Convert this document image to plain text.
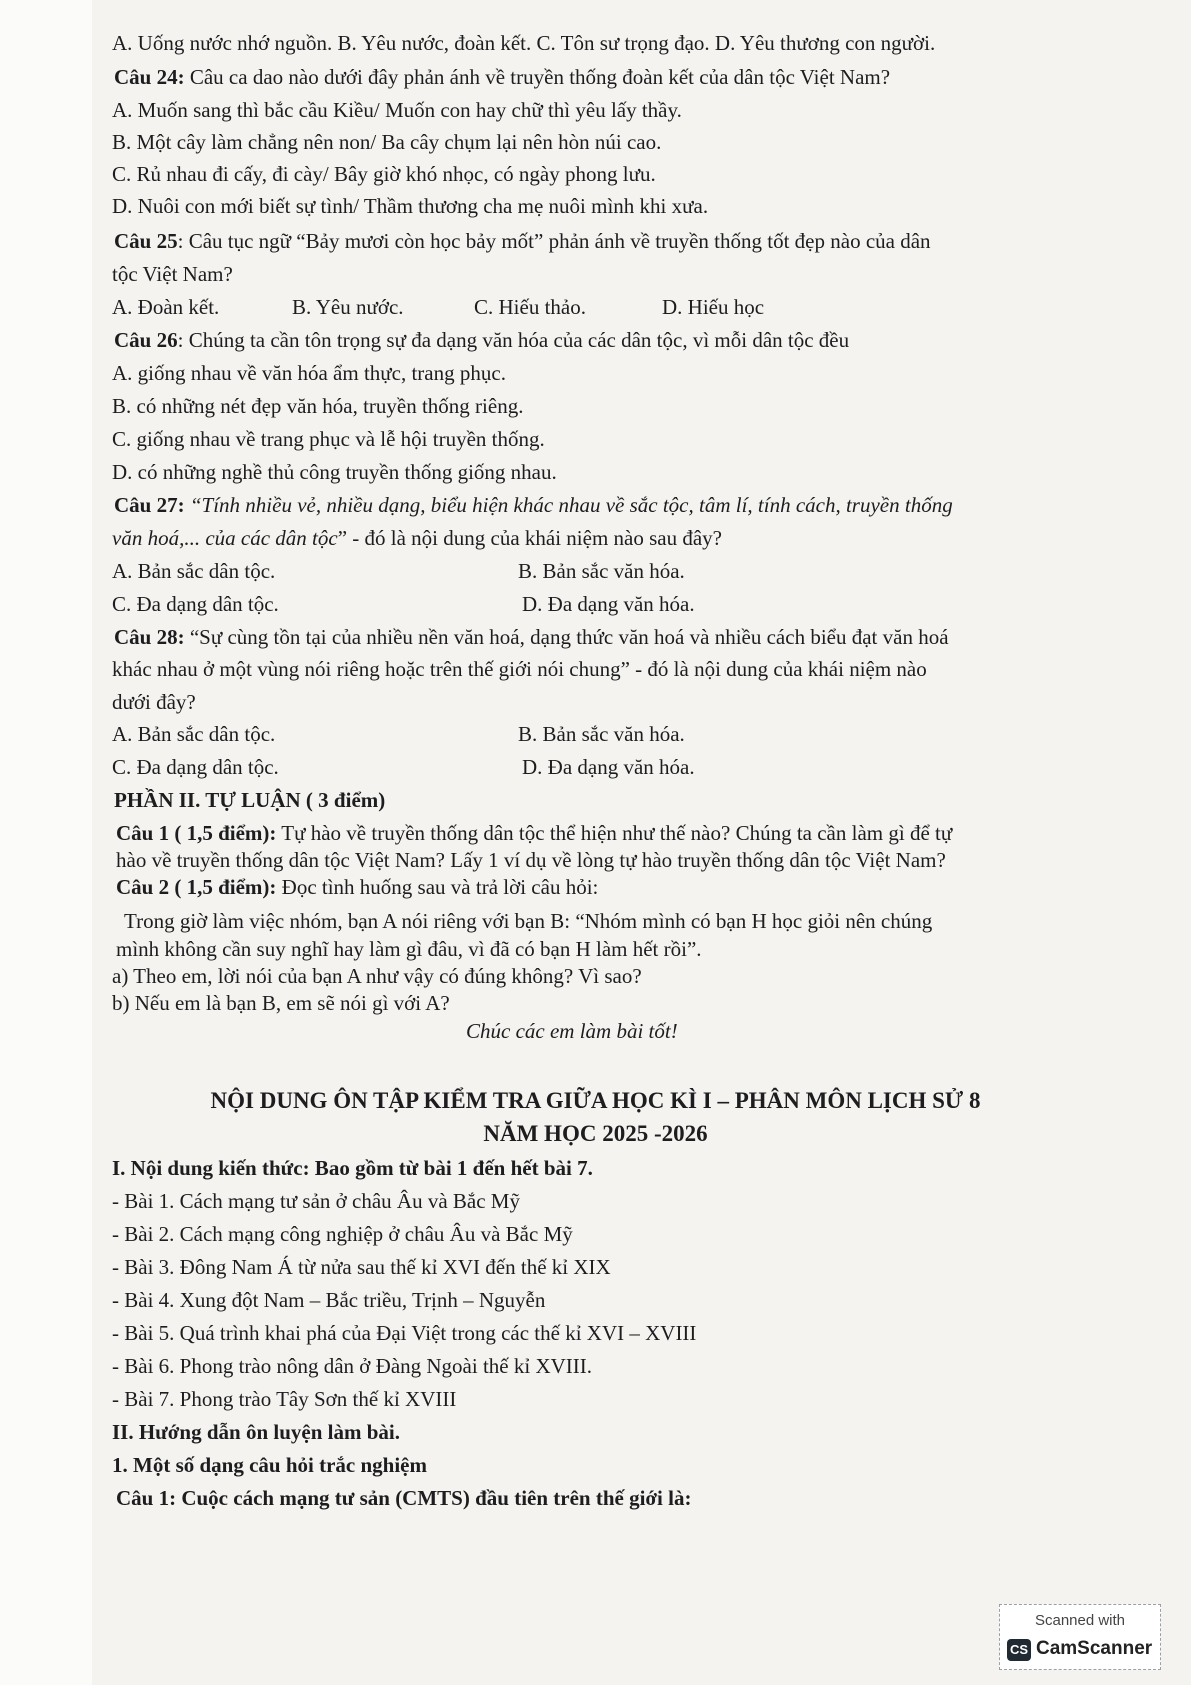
A. Uống nước nhớ nguồn. B. Yêu nước, đoàn kết. C. Tôn sư trọng đạo. D. Yêu thương con người.
Câu 24: Câu ca dao nào dưới đây phản ánh về truyền thống đoàn kết của dân tộc Việt Nam?
A. Muốn sang thì bắc cầu Kiều/ Muốn con hay chữ thì yêu lấy thầy.
B. Một cây làm chẳng nên non/ Ba cây chụm lại nên hòn núi cao.
C. Rủ nhau đi cấy, đi cày/ Bây giờ khó nhọc, có ngày phong lưu.
D. Nuôi con mới biết sự tình/ Thầm thương cha mẹ nuôi mình khi xưa.
Câu 25: Câu tục ngữ “Bảy mươi còn học bảy mốt” phản ánh về truyền thống tốt đẹp nào của dân
tộc Việt Nam?
A. Đoàn kết.	B. Yêu nước.	C. Hiếu thảo.	D. Hiếu học
Câu 26: Chúng ta cần tôn trọng sự đa dạng văn hóa của các dân tộc, vì mỗi dân tộc đều
A. giống nhau về văn hóa ẩm thực, trang phục.
B. có những nét đẹp văn hóa, truyền thống riêng.
C. giống nhau về trang phục và lễ hội truyền thống.
D. có những nghề thủ công truyền thống giống nhau.
Câu 27: “Tính nhiều vẻ, nhiều dạng, biểu hiện khác nhau về sắc tộc, tâm lí, tính cách, truyền thống
văn hoá,... của các dân tộc” - đó là nội dung của khái niệm nào sau đây?
A. Bản sắc dân tộc.	B. Bản sắc văn hóa.
C. Đa dạng dân tộc.	D. Đa dạng văn hóa.
Câu 28: “Sự cùng tồn tại của nhiều nền văn hoá, dạng thức văn hoá và nhiều cách biểu đạt văn hoá
khác nhau ở một vùng nói riêng hoặc trên thế giới nói chung” - đó là nội dung của khái niệm nào
dưới đây?
A. Bản sắc dân tộc.	B. Bản sắc văn hóa.
C. Đa dạng dân tộc.	D. Đa dạng văn hóa.
PHẦN II. TỰ LUẬN ( 3 điểm)
Câu 1 ( 1,5 điểm): Tự hào về truyền thống dân tộc thể hiện như thế nào? Chúng ta cần làm gì để tự
hào về truyền thống dân tộc Việt Nam? Lấy 1 ví dụ về lòng tự hào truyền thống dân tộc Việt Nam?
Câu 2 ( 1,5 điểm): Đọc tình huống sau và trả lời câu hỏi:
Trong giờ làm việc nhóm, bạn A nói riêng với bạn B: “Nhóm mình có bạn H học giỏi nên chúng
mình không cần suy nghĩ hay làm gì đâu, vì đã có bạn H làm hết rồi”.
a) Theo em, lời nói của bạn A như vậy có đúng không? Vì sao?
b) Nếu em là bạn B, em sẽ nói gì với A?
Chúc các em làm bài tốt!
NỘI DUNG ÔN TẬP KIỂM TRA GIỮA HỌC KÌ I – PHÂN MÔN LỊCH SỬ 8
NĂM HỌC 2025 -2026
I. Nội dung kiến thức: Bao gồm từ bài 1 đến hết bài 7.
- Bài 1. Cách mạng tư sản ở châu Âu và Bắc Mỹ
- Bài 2. Cách mạng công nghiệp ở châu Âu và Bắc Mỹ
- Bài 3. Đông Nam Á từ nửa sau thế kỉ XVI đến thế kỉ XIX
- Bài 4. Xung đột Nam – Bắc triều, Trịnh – Nguyễn
- Bài 5. Quá trình khai phá của Đại Việt trong các thế kỉ XVI – XVIII
- Bài 6. Phong trào nông dân ở Đàng Ngoài thế kỉ XVIII.
- Bài 7. Phong trào Tây Sơn thế kỉ XVIII
II. Hướng dẫn ôn luyện làm bài.
1. Một số dạng câu hỏi trắc nghiệm
Câu 1: Cuộc cách mạng tư sản (CMTS) đầu tiên trên thế giới là:
Scanned with
CS CamScanner
